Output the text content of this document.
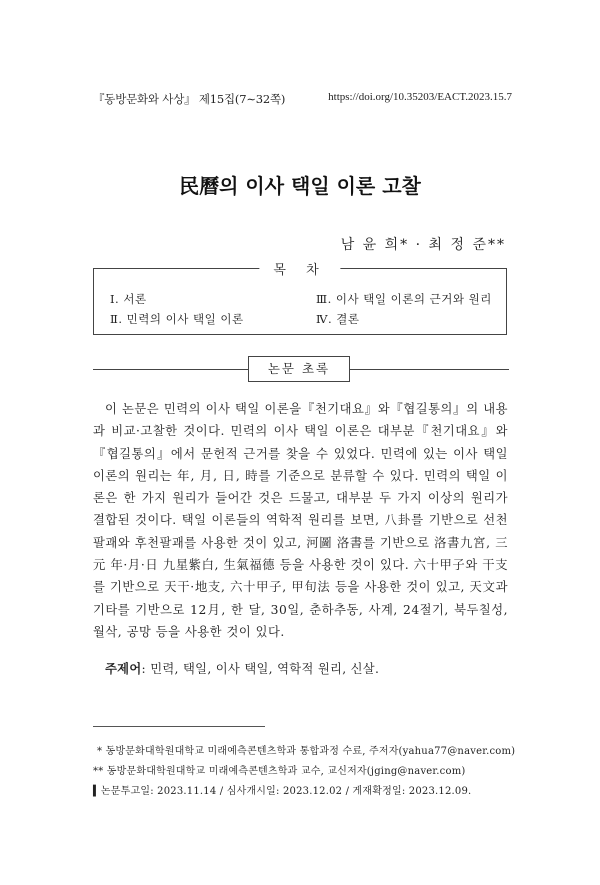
『동방문화와 사상』 제15집(7∼32쪽)	https://doi.org/10.35203/EACT.2023.15.7
民曆의 이사 택일 이론 고찰
남 윤 희* · 최 정 준**
목 차
Ⅰ. 서론
Ⅱ. 민력의 이사 택일 이론
Ⅲ. 이사 택일 이론의 근거와 원리
Ⅳ. 결론
논문 초록

이 논문은 민력의 이사 택일 이론을『천기대요』와『협길통의』의 내용과 비교·고찰한 것이다. 민력의 이사 택일 이론은 대부분『천기대요』와『협길통의』에서 문헌적 근거를 찾을 수 있었다. 민력에 있는 이사 택일 이론의 원리는 年, 月, 日, 時를 기준으로 분류할 수 있다. 민력의 택일 이론은 한 가지 원리가 들어간 것은 드물고, 대부분 두 가지 이상의 원리가 결합된 것이다. 택일 이론들의 역학적 원리를 보면, 八卦를 기반으로 선천팔괘와 후천팔괘를 사용한 것이 있고, 河圖 洛書를 기반으로 洛書九宮, 三元 年·月·日 九星紫白, 生氣福德 등을 사용한 것이 있다. 六十甲子와 干支를 기반으로 天干·地支, 六十甲子, 甲旬法 등을 사용한 것이 있고, 天文과 기타를 기반으로 12月, 한 달, 30일, 춘하추동, 사계, 24절기, 북두칠성, 월삭, 공망 등을 사용한 것이 있다.

주제어: 민력, 택일, 이사 택일, 역학적 원리, 신살.
* 동방문화대학원대학교 미래예측콘텐츠학과 통합과정 수료, 주저자(yahua77@naver.com)
** 동방문화대학원대학교 미래예측콘텐츠학과 교수, 교신저자(jging@naver.com)
▍논문투고일: 2023.11.14 / 심사개시일: 2023.12.02 / 게재확정일: 2023.12.09.
